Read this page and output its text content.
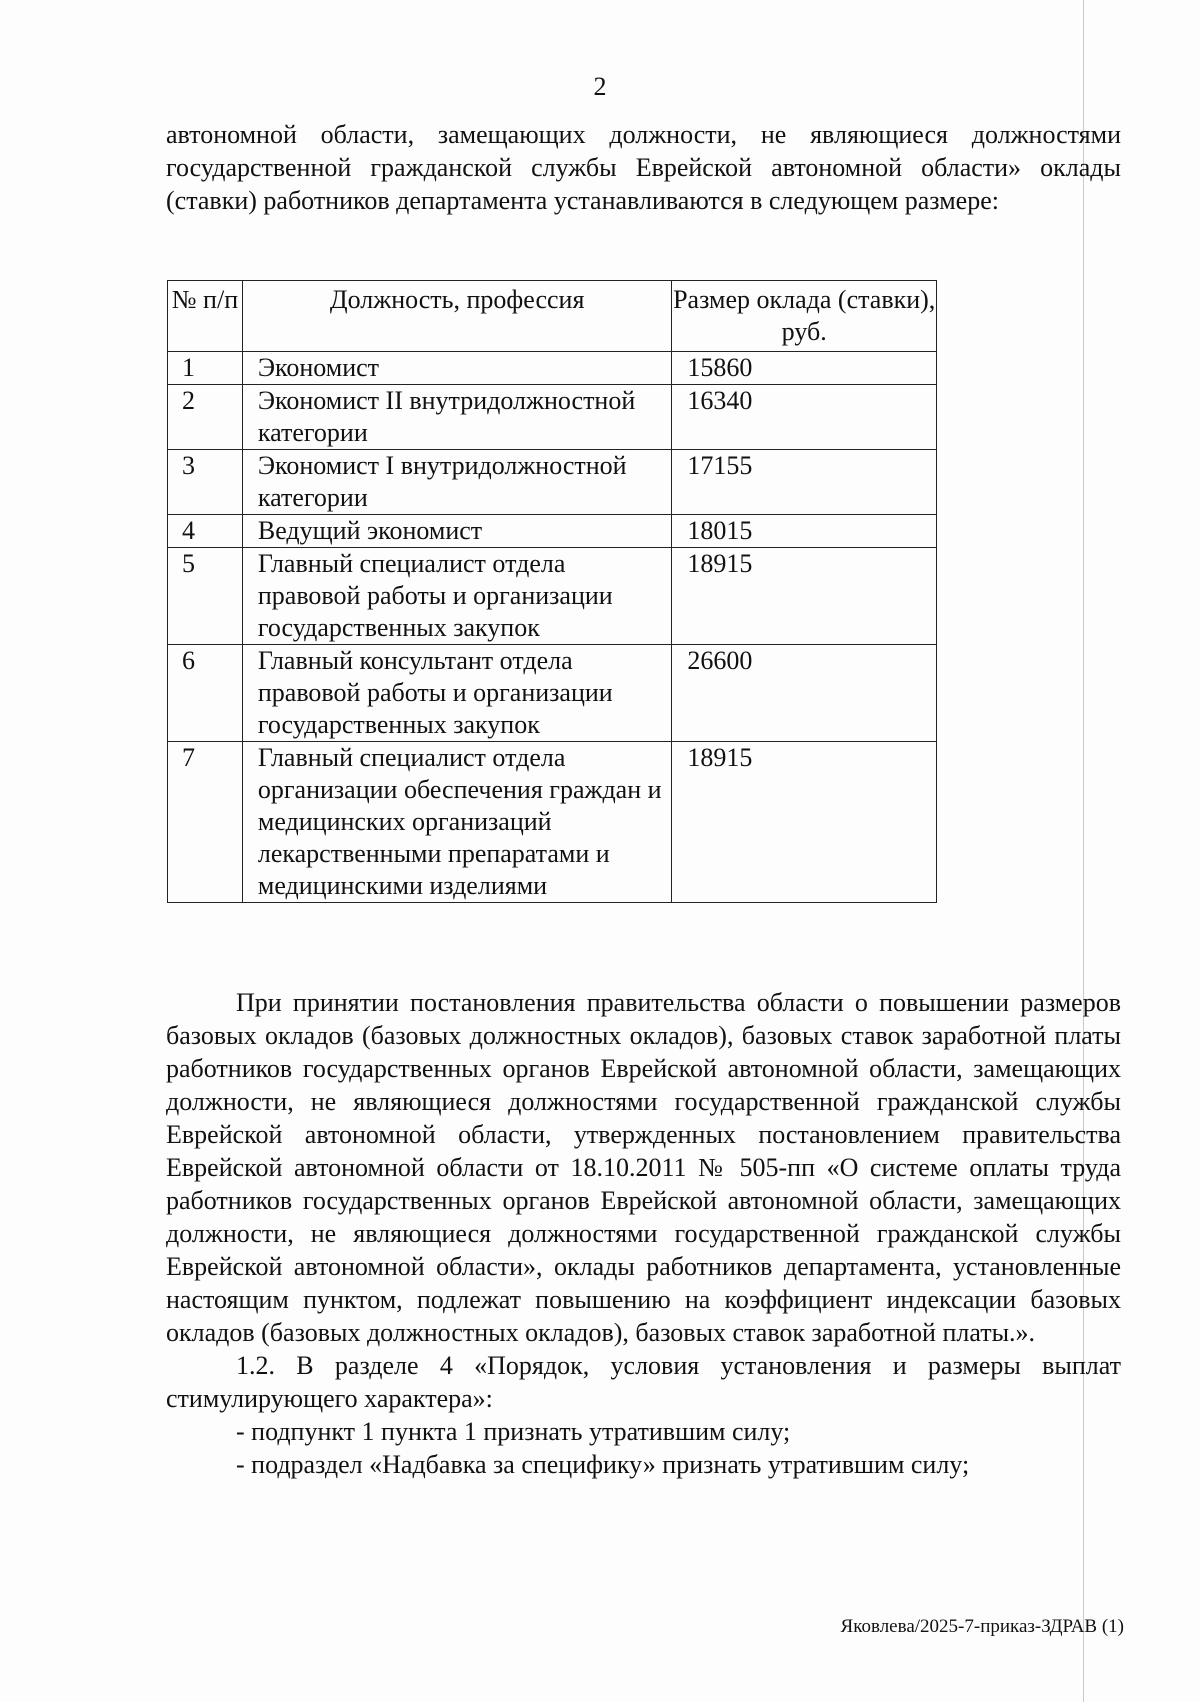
2

автономной области, замещающих должности, не являющиеся должностями государственной гражданской службы Еврейской автономной области» оклады (ставки) работников департамента устанавливаются в следующем размере:

№ п/п	Должность, профессия	Размер оклада (ставки), руб.
1	Экономист	15860
2	Экономист II внутридолжностной категории	16340
3	Экономист I внутридолжностной категории	17155
4	Ведущий экономист	18015
5	Главный специалист отдела правовой работы и организации государственных закупок	18915
6	Главный консультант отдела правовой работы и организации государственных закупок	26600
7	Главный специалист отдела организации обеспечения граждан и медицинских организаций лекарственными препаратами и медицинскими изделиями	18915

При принятии постановления правительства области о повышении размеров базовых окладов (базовых должностных окладов), базовых ставок заработной платы работников государственных органов Еврейской автономной области, замещающих должности, не являющиеся должностями государственной гражданской службы Еврейской автономной области, утвержденных постановлением правительства Еврейской автономной области от 18.10.2011 № 505-пп «О системе оплаты труда работников государственных органов Еврейской автономной области, замещающих должности, не являющиеся должностями государственной гражданской службы Еврейской автономной области», оклады работников департамента, установленные настоящим пунктом, подлежат повышению на коэффициент индексации базовых окладов (базовых должностных окладов), базовых ставок заработной платы.».

1.2. В разделе 4 «Порядок, условия установления и размеры выплат стимулирующего характера»:

- подпункт 1 пункта 1 признать утратившим силу;

- подраздел «Надбавка за специфику» признать утратившим силу;

Яковлева/2025-7-приказ-ЗДРАВ (1)
